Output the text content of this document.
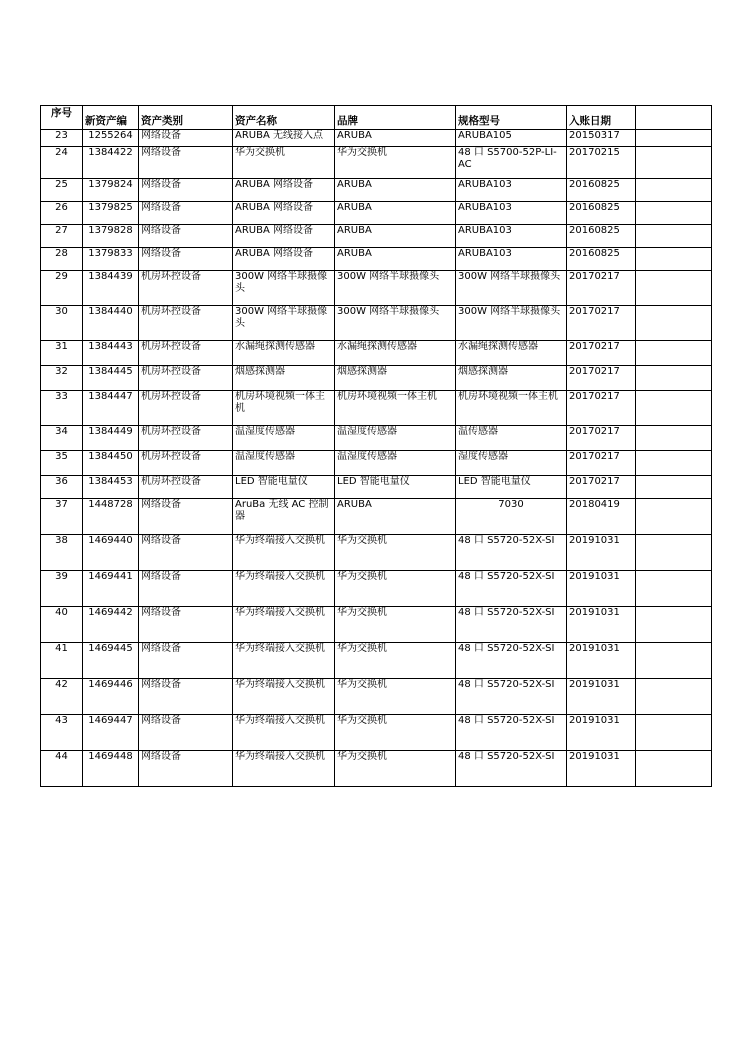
序号	新资产编	资产类别	资产名称	品牌	规格型号	入账日期	
23	1255264	网络设备	ARUBA 无线接入点	ARUBA	ARUBA105	20150317	
24	1384422	网络设备	华为交换机	华为交换机	48 口 S5700-52P-LI-AC	20170215	
25	1379824	网络设备	ARUBA 网络设备	ARUBA	ARUBA103	20160825	
26	1379825	网络设备	ARUBA 网络设备	ARUBA	ARUBA103	20160825	
27	1379828	网络设备	ARUBA 网络设备	ARUBA	ARUBA103	20160825	
28	1379833	网络设备	ARUBA 网络设备	ARUBA	ARUBA103	20160825	
29	1384439	机房环控设备	300W 网络半球摄像头	300W 网络半球摄像头	300W 网络半球摄像头	20170217	
30	1384440	机房环控设备	300W 网络半球摄像头	300W 网络半球摄像头	300W 网络半球摄像头	20170217	
31	1384443	机房环控设备	水漏绳探测传感器	水漏绳探测传感器	水漏绳探测传感器	20170217	
32	1384445	机房环控设备	烟感探测器	烟感探测器	烟感探测器	20170217	
33	1384447	机房环控设备	机房环境视频一体主机	机房环境视频一体主机	机房环境视频一体主机	20170217	
34	1384449	机房环控设备	温湿度传感器	温湿度传感器	温传感器	20170217	
35	1384450	机房环控设备	温湿度传感器	温湿度传感器	湿度传感器	20170217	
36	1384453	机房环控设备	LED 智能电量仪	LED 智能电量仪	LED 智能电量仪	20170217	
37	1448728	网络设备	AruBa 无线 AC 控制器	ARUBA	7030	20180419	
38	1469440	网络设备	华为终端接入交换机	华为交换机	48 口 S5720-52X-SI	20191031	
39	1469441	网络设备	华为终端接入交换机	华为交换机	48 口 S5720-52X-SI	20191031	
40	1469442	网络设备	华为终端接入交换机	华为交换机	48 口 S5720-52X-SI	20191031	
41	1469445	网络设备	华为终端接入交换机	华为交换机	48 口 S5720-52X-SI	20191031	
42	1469446	网络设备	华为终端接入交换机	华为交换机	48 口 S5720-52X-SI	20191031	
43	1469447	网络设备	华为终端接入交换机	华为交换机	48 口 S5720-52X-SI	20191031	
44	1469448	网络设备	华为终端接入交换机	华为交换机	48 口 S5720-52X-SI	20191031	
